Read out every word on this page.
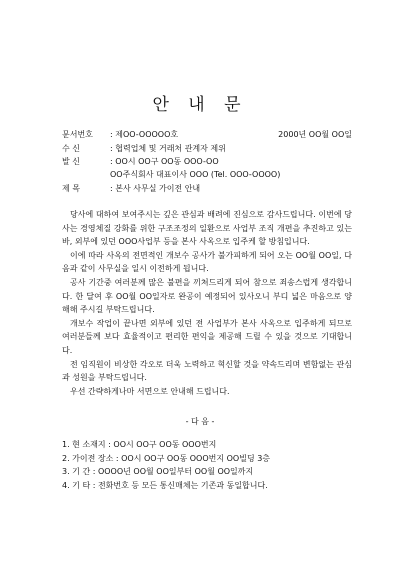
안 내 문
문서번호 : 제OO-OOOOO호	2000년 OO월 OO일
수 신	: 협력업체 및 거래처 관계자 제위
발 신	: OO시 OO구 OO동 OOO-OO
OO주식회사 대표이사 OOO (Tel. OOO-OOOO)
제 목	: 본사 사무실 가이전 안내

당사에 대하여 보여주시는 깊은 관심과 배려에 진심으로 감사드립니다. 이번에 당사는 경영체질 강화를 위한 구조조정의 일환으로 사업부 조직 개편을 추진하고 있는 바, 외부에 있던 OOO사업부 등을 본사 사옥으로 입주케 할 방침입니다.

이에 따라 사옥의 전면적인 개보수 공사가 불가피하게 되어 오는 OO월 OO일, 다음과 같이 사무실을 일시 이전하게 됩니다.

공사 기간중 여러분께 많은 불편을 끼쳐드리게 되어 참으로 죄송스럽게 생각합니다. 한 달여 후 OO월 OO일자로 완공이 예정되어 있사오니 부디 넓은 마음으로 양해해 주시길 부탁드립니다.

개보수 작업이 끝나면 외부에 있던 전 사업부가 본사 사옥으로 입주하게 되므로 여러분들께 보다 효율적이고 편리한 편익을 제공해 드릴 수 있을 것으로 기대합니다.

전 임직원이 비상한 각오로 더욱 노력하고 혁신할 것을 약속드리며 변함없는 관심과 성원을 부탁드립니다.

우선 간략하게나마 서면으로 안내해 드립니다.

- 다 음 -
1. 현 소재지 : OO시 OO구 OO동 OOO번지
2. 가이전 장소 : OO시 OO구 OO동 OOO번지 OO빌딩 3층
3. 기 간 : OOOO년 OO월 OO일부터 OO월 OO일까지
4. 기 타 : 전화번호 등 모든 통신매체는 기존과 동일합니다.
